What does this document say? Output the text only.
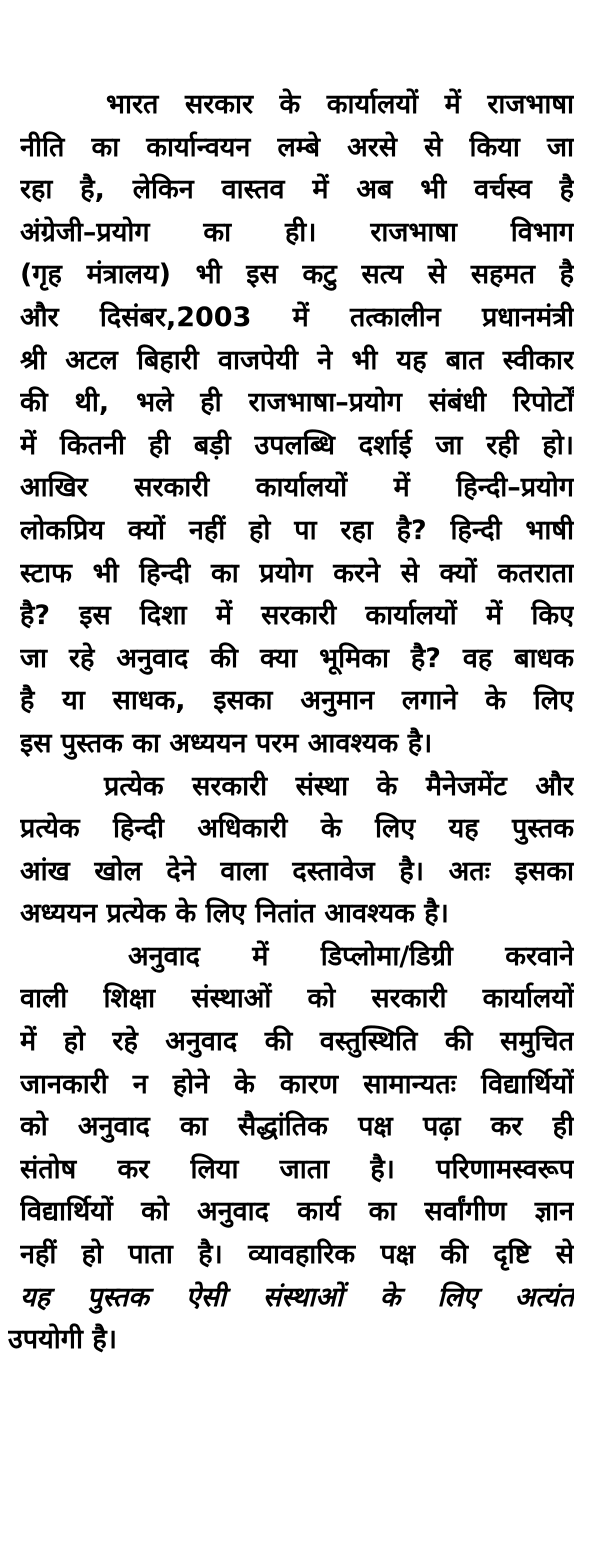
भारत सरकार के कार्यालयों में राजभाषा
नीति का कार्यान्वयन लम्बे अरसे से किया जा
रहा है, लेकिन वास्तव में अब भी वर्चस्व है
अंग्रेजी–प्रयोग का ही। राजभाषा विभाग
(गृह मंत्रालय) भी इस कटु सत्य से सहमत है
और दिसंबर,2003 में तत्कालीन प्रधानमंत्री
श्री अटल बिहारी वाजपेयी ने भी यह बात स्वीकार
की थी, भले ही राजभाषा–प्रयोग संबंधी रिपोर्टों
में कितनी ही बड़ी उपलब्धि दर्शाई जा रही हो।
आखिर सरकारी कार्यालयों में हिन्दी–प्रयोग
लोकप्रिय क्यों नहीं हो पा रहा है? हिन्दी भाषी
स्टाफ भी हिन्दी का प्रयोग करने से क्यों कतराता
है? इस दिशा में सरकारी कार्यालयों में किए
जा रहे अनुवाद की क्या भूमिका है? वह बाधक
है या साधक, इसका अनुमान लगाने के लिए
इस पुस्तक का अध्ययन परम आवश्यक है।
प्रत्येक सरकारी संस्था के मैनेजमेंट और
प्रत्येक हिन्दी अधिकारी के लिए यह पुस्तक
आंख खोल देने वाला दस्तावेज है। अतः इसका
अध्ययन प्रत्येक के लिए नितांत आवश्यक है।
अनुवाद में डिप्लोमा/डिग्री करवाने
वाली शिक्षा संस्थाओं को सरकारी कार्यालयों
में हो रहे अनुवाद की वस्तुस्थिति की समुचित
जानकारी न होने के कारण सामान्यतः विद्यार्थियों
को अनुवाद का सैद्धांतिक पक्ष पढ़ा कर ही
संतोष कर लिया जाता है। परिणामस्वरूप
विद्यार्थियों को अनुवाद कार्य का सर्वांगीण ज्ञान
नहीं हो पाता है। व्यावहारिक पक्ष की दृष्टि से
यह पुस्तक ऐसी संस्थाओं के लिए अत्यंत
उपयोगी है।
